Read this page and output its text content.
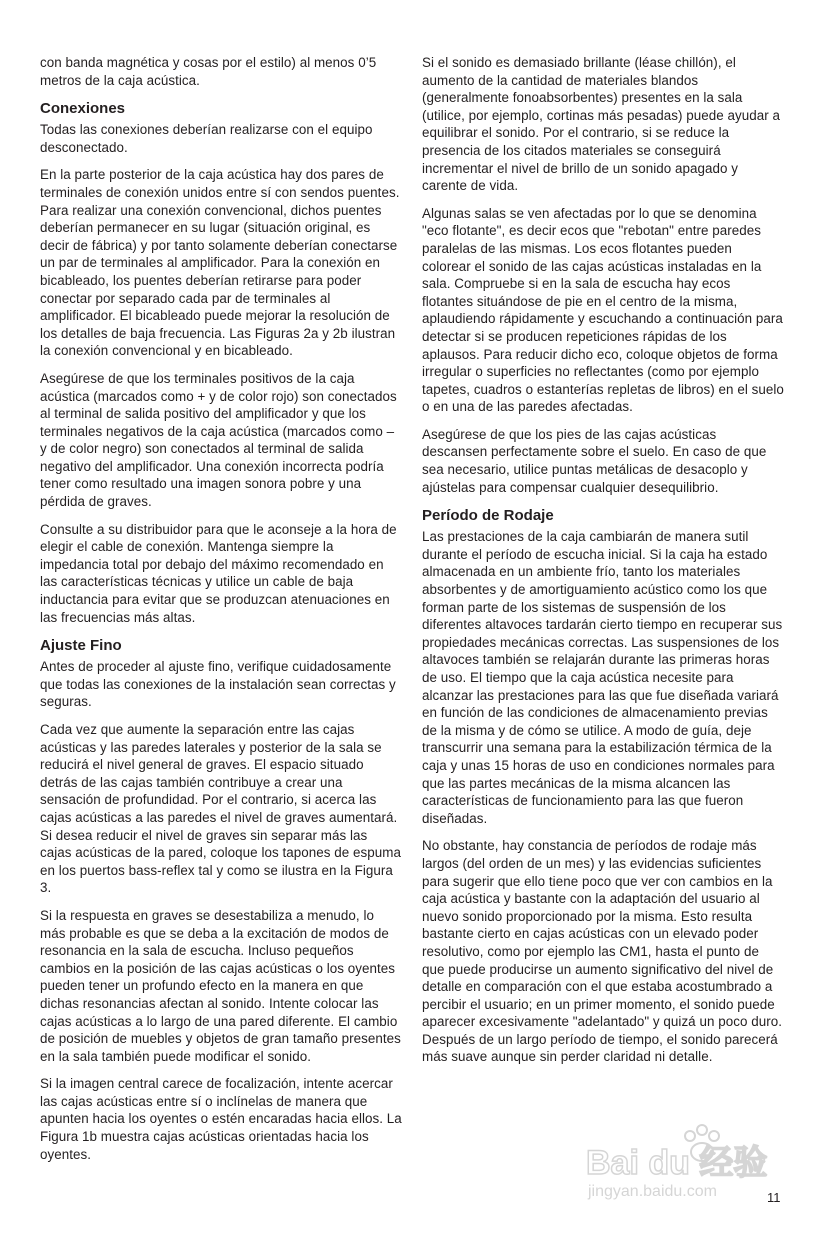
con banda magnética y cosas por el estilo) al menos 0’5 metros de la caja acústica.

Conexiones

Todas las conexiones deberían realizarse con el equipo desconectado.

En la parte posterior de la caja acústica hay dos pares de terminales de conexión unidos entre sí con sendos puentes. Para realizar una conexión convencional, dichos puentes deberían permanecer en su lugar (situación original, es decir de fábrica) y por tanto solamente deberían conectarse un par de terminales al amplificador. Para la conexión en bicableado, los puentes deberían retirarse para poder conectar por separado cada par de terminales al amplificador. El bicableado puede mejorar la resolución de los detalles de baja frecuencia. Las Figuras 2a y 2b ilustran la conexión convencional y en bicableado.

Asegúrese de que los terminales positivos de la caja acústica (marcados como + y de color rojo) son conectados al terminal de salida positivo del amplificador y que los terminales negativos de la caja acústica (marcados como – y de color negro) son conectados al terminal de salida negativo del amplificador. Una conexión incorrecta podría tener como resultado una imagen sonora pobre y una pérdida de graves.

Consulte a su distribuidor para que le aconseje a la hora de elegir el cable de conexión. Mantenga siempre la impedancia total por debajo del máximo recomendado en las características técnicas y utilice un cable de baja inductancia para evitar que se produzcan atenuaciones en las frecuencias más altas.

Ajuste Fino

Antes de proceder al ajuste fino, verifique cuidadosamente que todas las conexiones de la instalación sean correctas y seguras.

Cada vez que aumente la separación entre las cajas acústicas y las paredes laterales y posterior de la sala se reducirá el nivel general de graves. El espacio situado detrás de las cajas también contribuye a crear una sensación de profundidad. Por el contrario, si acerca las cajas acústicas a las paredes el nivel de graves aumentará. Si desea reducir el nivel de graves sin separar más las cajas acústicas de la pared, coloque los tapones de espuma en los puertos bass-reflex tal y como se ilustra en la Figura 3.

Si la respuesta en graves se desestabiliza a menudo, lo más probable es que se deba a la excitación de modos de resonancia en la sala de escucha. Incluso pequeños cambios en la posición de las cajas acústicas o los oyentes pueden tener un profundo efecto en la manera en que dichas resonancias afectan al sonido. Intente colocar las cajas acústicas a lo largo de una pared diferente. El cambio de posición de muebles y objetos de gran tamaño presentes en la sala también puede modificar el sonido.

Si la imagen central carece de focalización, intente acercar las cajas acústicas entre sí o inclínelas de manera que apunten hacia los oyentes o estén encaradas hacia ellos. La Figura 1b muestra cajas acústicas orientadas hacia los oyentes.

Si el sonido es demasiado brillante (léase chillón), el aumento de la cantidad de materiales blandos (generalmente fonoabsorbentes) presentes en la sala (utilice, por ejemplo, cortinas más pesadas) puede ayudar a equilibrar el sonido. Por el contrario, si se reduce la presencia de los citados materiales se conseguirá incrementar el nivel de brillo de un sonido apagado y carente de vida.

Algunas salas se ven afectadas por lo que se denomina "eco flotante", es decir ecos que "rebotan" entre paredes paralelas de las mismas. Los ecos flotantes pueden colorear el sonido de las cajas acústicas instaladas en la sala. Compruebe si en la sala de escucha hay ecos flotantes situándose de pie en el centro de la misma, aplaudiendo rápidamente y escuchando a continuación para detectar si se producen repeticiones rápidas de los aplausos. Para reducir dicho eco, coloque objetos de forma irregular o superficies no reflectantes (como por ejemplo tapetes, cuadros o estanterías repletas de libros) en el suelo o en una de las paredes afectadas.

Asegúrese de que los pies de las cajas acústicas descansen perfectamente sobre el suelo. En caso de que sea necesario, utilice puntas metálicas de desacoplo y ajústelas para compensar cualquier desequilibrio.

Período de Rodaje

Las prestaciones de la caja cambiarán de manera sutil durante el período de escucha inicial. Si la caja ha estado almacenada en un ambiente frío, tanto los materiales absorbentes y de amortiguamiento acústico como los que forman parte de los sistemas de suspensión de los diferentes altavoces tardarán cierto tiempo en recuperar sus propiedades mecánicas correctas. Las suspensiones de los altavoces también se relajarán durante las primeras horas de uso. El tiempo que la caja acústica necesite para alcanzar las prestaciones para las que fue diseñada variará en función de las condiciones de almacenamiento previas de la misma y de cómo se utilice. A modo de guía, deje transcurrir una semana para la estabilización térmica de la caja y unas 15 horas de uso en condiciones normales para que las partes mecánicas de la misma alcancen las características de funcionamiento para las que fueron diseñadas.

No obstante, hay constancia de períodos de rodaje más largos (del orden de un mes) y las evidencias suficientes para sugerir que ello tiene poco que ver con cambios en la caja acústica y bastante con la adaptación del usuario al nuevo sonido proporcionado por la misma. Esto resulta bastante cierto en cajas acústicas con un elevado poder resolutivo, como por ejemplo las CM1, hasta el punto de que puede producirse un aumento significativo del nivel de detalle en comparación con el que estaba acostumbrado a percibir el usuario; en un primer momento, el sonido puede aparecer excesivamente "adelantado" y quizá un poco duro. Después de un largo período de tiempo, el sonido parecerá más suave aunque sin perder claridad ni detalle.

Bai du 经验
jingyan.baidu.com	11
